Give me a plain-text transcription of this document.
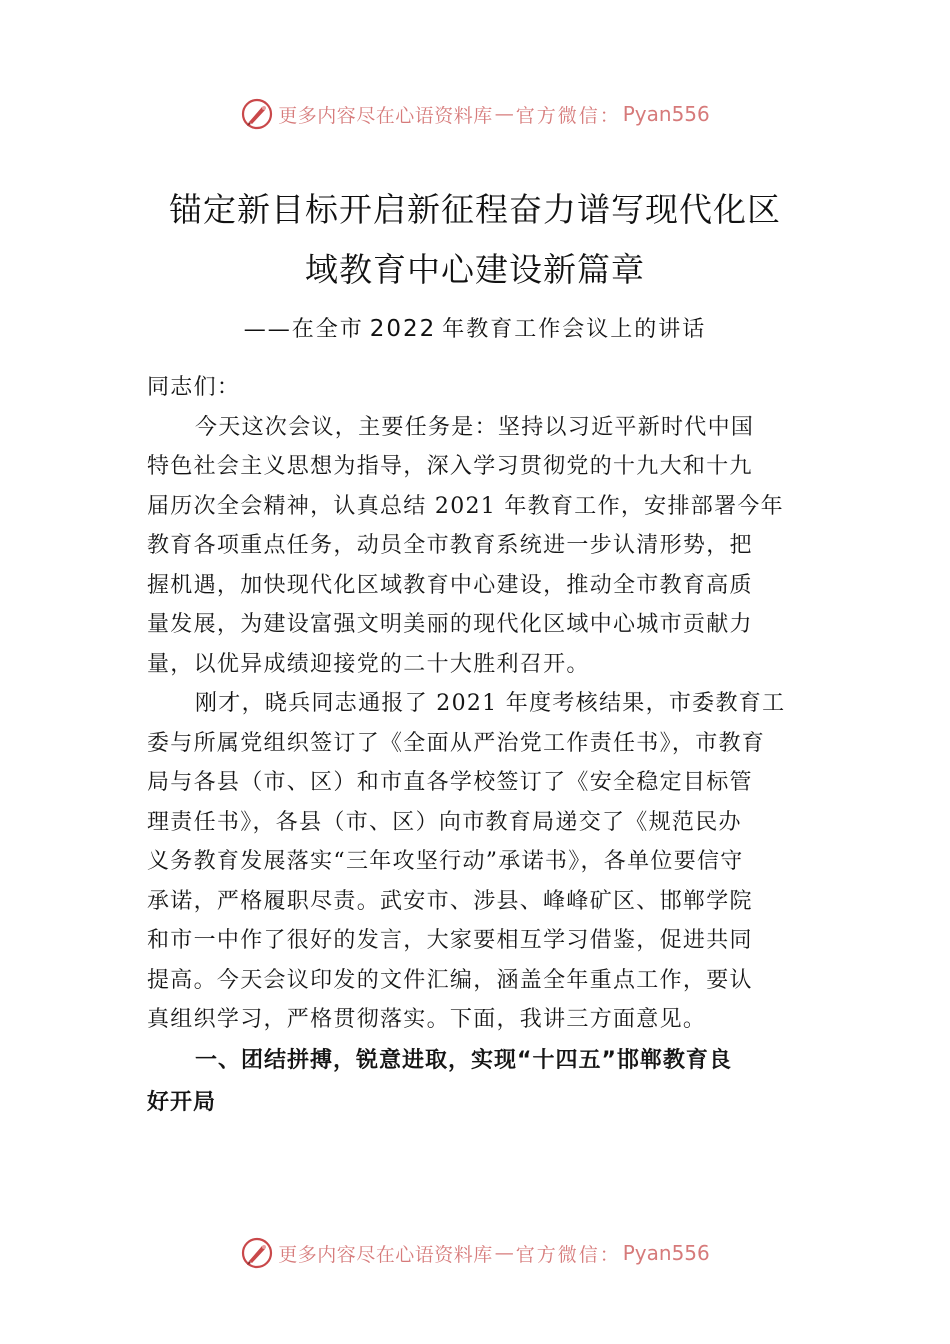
更多内容尽在心语资料库 — 官方微信： Pyan556
锚定新目标开启新征程奋力谱写现代化区
域教育中心建设新篇章
——在全市 2022 年教育工作会议上的讲话
同志们：
今天这次会议，主要任务是：坚持以习近平新时代中国
特色社会主义思想为指导，深入学习贯彻党的十九大和十九
届历次全会精神，认真总结 2021 年教育工作，安排部署今年
教育各项重点任务，动员全市教育系统进一步认清形势，把
握机遇，加快现代化区域教育中心建设，推动全市教育高质
量发展，为建设富强文明美丽的现代化区域中心城市贡献力
量，以优异成绩迎接党的二十大胜利召开。
刚才，晓兵同志通报了 2021 年度考核结果，市委教育工
委与所属党组织签订了《全面从严治党工作责任书》，市教育
局与各县（市、区）和市直各学校签订了《安全稳定目标管
理责任书》，各县（市、区）向市教育局递交了《规范民办
义务教育发展落实“三年攻坚行动”承诺书》，各单位要信守
承诺，严格履职尽责。武安市、涉县、峰峰矿区、邯郸学院
和市一中作了很好的发言，大家要相互学习借鉴，促进共同
提高。今天会议印发的文件汇编，涵盖全年重点工作，要认
真组织学习，严格贯彻落实。下面，我讲三方面意见。
一、团结拼搏，锐意进取，实现“十四五”邯郸教育良
好开局
更多内容尽在心语资料库 — 官方微信： Pyan556
